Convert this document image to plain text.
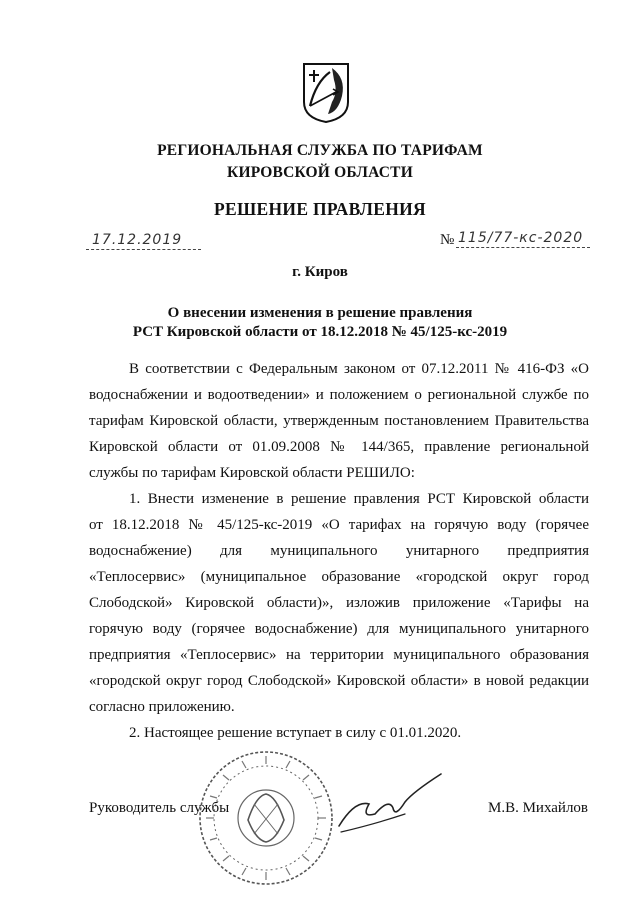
РЕГИОНАЛЬНАЯ СЛУЖБА ПО ТАРИФАМ
КИРОВСКОЙ ОБЛАСТИ
РЕШЕНИЕ ПРАВЛЕНИЯ
17.12.2019	№ 115/77-кс-2020
г. Киров
О внесении изменения в решение правления
РСТ Кировской области от 18.12.2018 № 45/125-кс-2019
В соответствии с Федеральным законом от 07.12.2011 № 416-ФЗ «О
водоснабжении и водоотведении» и положением о региональной службе по
тарифам Кировской области, утвержденным постановлением Правительства
Кировской области от 01.09.2008 № 144/365, правление региональной
службы по тарифам Кировской области РЕШИЛО:
1. Внести изменение в решение правления РСТ Кировской области
от 18.12.2018 № 45/125-кс-2019 «О тарифах на горячую воду (горячее
водоснабжение) для муниципального унитарного предприятия
«Теплосервис» (муниципальное образование «городской округ город
Слободской» Кировской области)», изложив приложение «Тарифы на
горячую воду (горячее водоснабжение) для муниципального унитарного
предприятия «Теплосервис» на территории муниципального образования
«городской округ город Слободской» Кировской области» в новой редакции
согласно приложению.
2. Настоящее решение вступает в силу с 01.01.2020.
Руководитель службы	М.В. Михайлов
